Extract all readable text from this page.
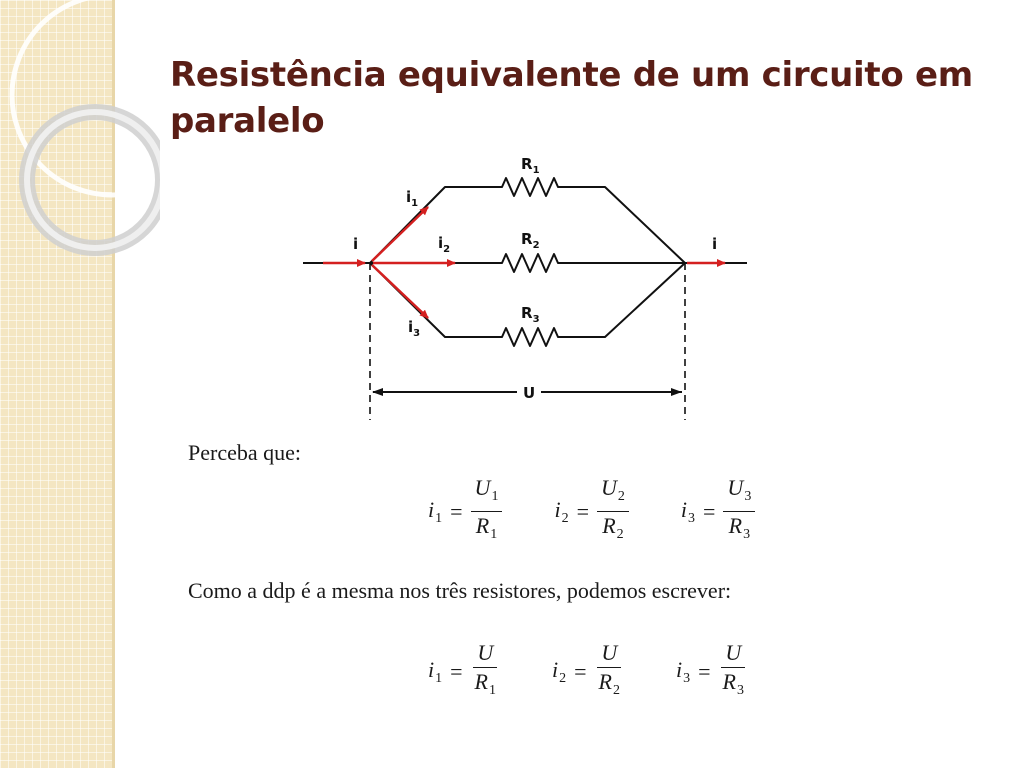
Resistência equivalente de um circuito em paralelo
$R_1$
$R_2$
$R_3$
i	i
$i_1$
$i_2$
$i_3$
U
Perceba que:
$i_1 = \frac{U_1}{R_1} i_2 = \frac{U_2}{R_2} i_3 = \frac{U_3}{R_3}$
Como a ddp é a mesma nos três resistores, podemos escrever:
$i_1 = \frac{U}{R_1} i_2 = \frac{U}{R_2} i_3 = \frac{U}{R_3}$
